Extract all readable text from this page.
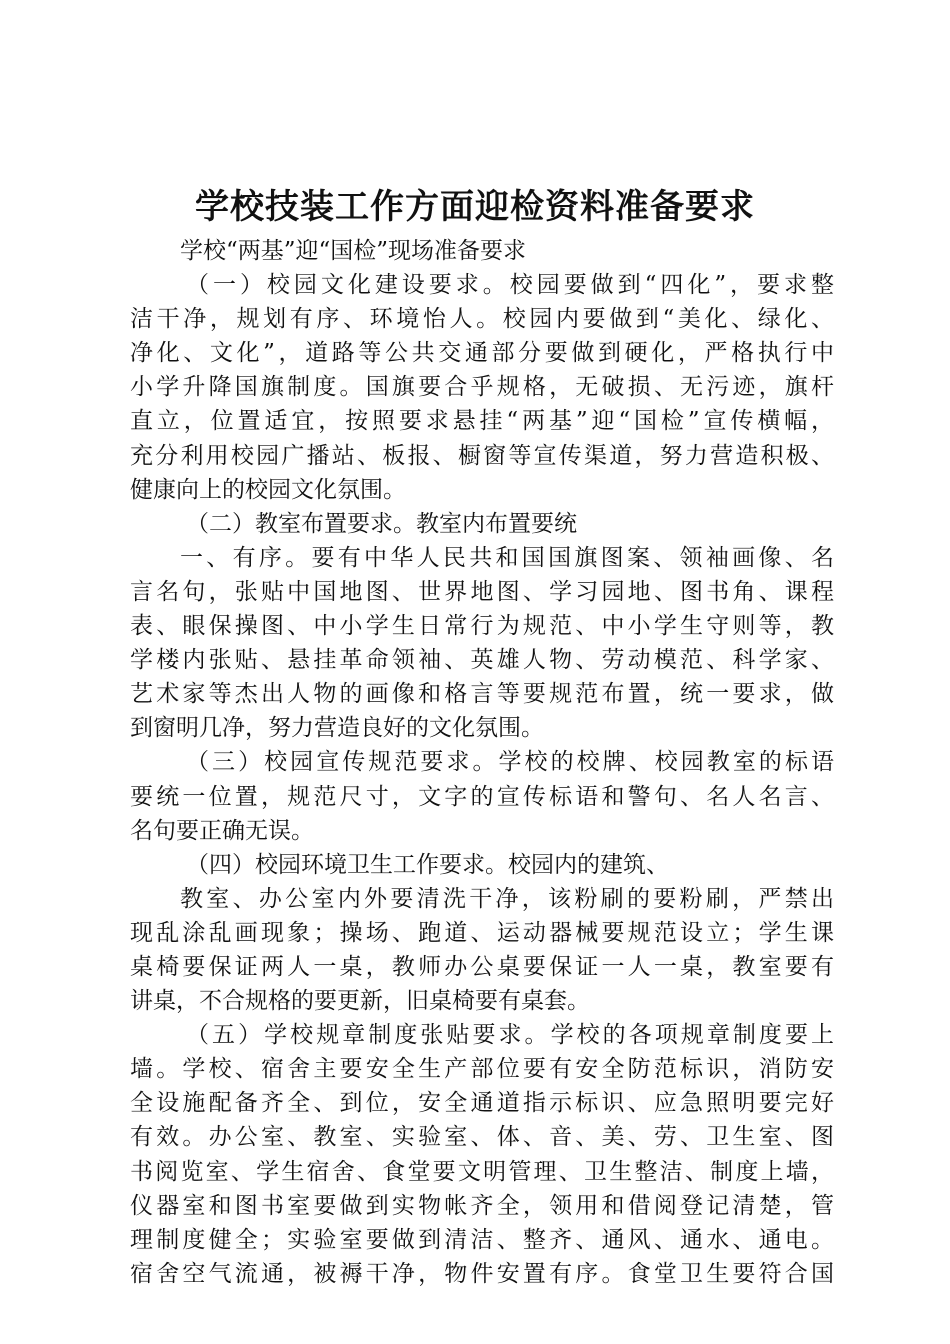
学校技装工作方面迎检资料准备要求
学校“两基”迎“国检”现场准备要求
（一）校园文化建设要求。校园要做到“四化”，要求整
洁干净，规划有序、环境怡人。校园内要做到“美化、绿化、
净化、文化”，道路等公共交通部分要做到硬化，严格执行中
小学升降国旗制度。国旗要合乎规格，无破损、无污迹，旗杆
直立，位置适宜，按照要求悬挂“两基”迎“国检”宣传横幅，
充分利用校园广播站、板报、橱窗等宣传渠道，努力营造积极、
健康向上的校园文化氛围。
（二）教室布置要求。教室内布置要统
一、有序。要有中华人民共和国国旗图案、领袖画像、名
言名句，张贴中国地图、世界地图、学习园地、图书角、课程
表、眼保操图、中小学生日常行为规范、中小学生守则等，教
学楼内张贴、悬挂革命领袖、英雄人物、劳动模范、科学家、
艺术家等杰出人物的画像和格言等要规范布置，统一要求，做
到窗明几净，努力营造良好的文化氛围。
（三）校园宣传规范要求。学校的校牌、校园教室的标语
要统一位置，规范尺寸，文字的宣传标语和警句、名人名言、
名句要正确无误。
（四）校园环境卫生工作要求。校园内的建筑、
教室、办公室内外要清洗干净，该粉刷的要粉刷，严禁出
现乱涂乱画现象；操场、跑道、运动器械要规范设立；学生课
桌椅要保证两人一桌，教师办公桌要保证一人一桌，教室要有
讲桌，不合规格的要更新，旧桌椅要有桌套。
（五）学校规章制度张贴要求。学校的各项规章制度要上
墙。学校、宿舍主要安全生产部位要有安全防范标识，消防安
全设施配备齐全、到位，安全通道指示标识、应急照明要完好
有效。办公室、教室、实验室、体、音、美、劳、卫生室、图
书阅览室、学生宿舍、食堂要文明管理、卫生整洁、制度上墙，
仪器室和图书室要做到实物帐齐全，领用和借阅登记清楚，管
理制度健全；实验室要做到清洁、整齐、通风、通水、通电。
宿舍空气流通，被褥干净，物件安置有序。食堂卫生要符合国
